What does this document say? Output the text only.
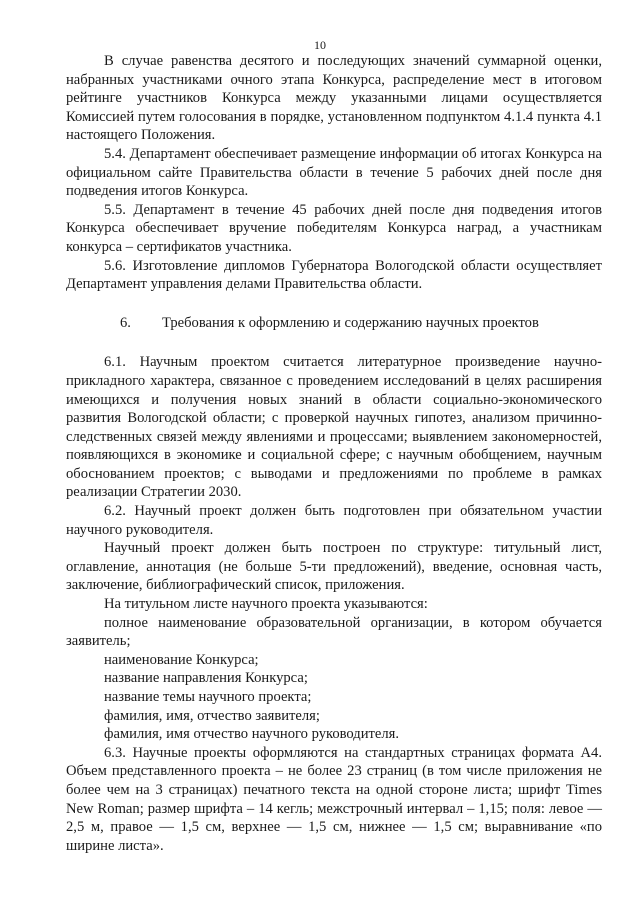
10

В случае равенства десятого и последующих значений суммарной оценки, набранных участниками очного этапа Конкурса, распределение мест в итоговом рейтинге участников Конкурса между указанными лицами осуществляется Комиссией путем голосования в порядке, установленном подпунктом 4.1.4 пункта 4.1 настоящего Положения.

5.4. Департамент обеспечивает размещение информации об итогах Конкурса на официальном сайте Правительства области в течение 5 рабочих дней после дня подведения итогов Конкурса.

5.5. Департамент в течение 45 рабочих дней после дня подведения итогов Конкурса обеспечивает вручение победителям Конкурса наград, а участникам конкурса – сертификатов участника.

5.6. Изготовление дипломов Губернатора Вологодской области осуществляет Департамент управления делами Правительства области.

6. Требования к оформлению и содержанию научных проектов

6.1. Научным проектом считается литературное произведение научно-прикладного характера, связанное с проведением исследований в целях расширения имеющихся и получения новых знаний в области социально-экономического развития Вологодской области; с проверкой научных гипотез, анализом причинно-следственных связей между явлениями и процессами; выявлением закономерностей, появляющихся в экономике и социальной сфере; с научным обобщением, научным обоснованием проектов; с выводами и предложениями по проблеме в рамках реализации Стратегии 2030.

6.2. Научный проект должен быть подготовлен при обязательном участии научного руководителя.

Научный проект должен быть построен по структуре: титульный лист, оглавление, аннотация (не больше 5-ти предложений), введение, основная часть, заключение, библиографический список, приложения.

На титульном листе научного проекта указываются:

полное наименование образовательной организации, в котором обучается заявитель;

наименование Конкурса;

название направления Конкурса;

название темы научного проекта;

фамилия, имя, отчество заявителя;

фамилия, имя отчество научного руководителя.

6.3. Научные проекты оформляются на стандартных страницах формата А4. Объем представленного проекта – не более 23 страниц (в том числе приложения не более чем на 3 страницах) печатного текста на одной стороне листа; шрифт Times New Roman; размер шрифта – 14 кегль; межстрочный интервал – 1,15; поля: левое — 2,5 м, правое — 1,5 см, верхнее — 1,5 см, нижнее — 1,5 см; выравнивание «по ширине листа».
